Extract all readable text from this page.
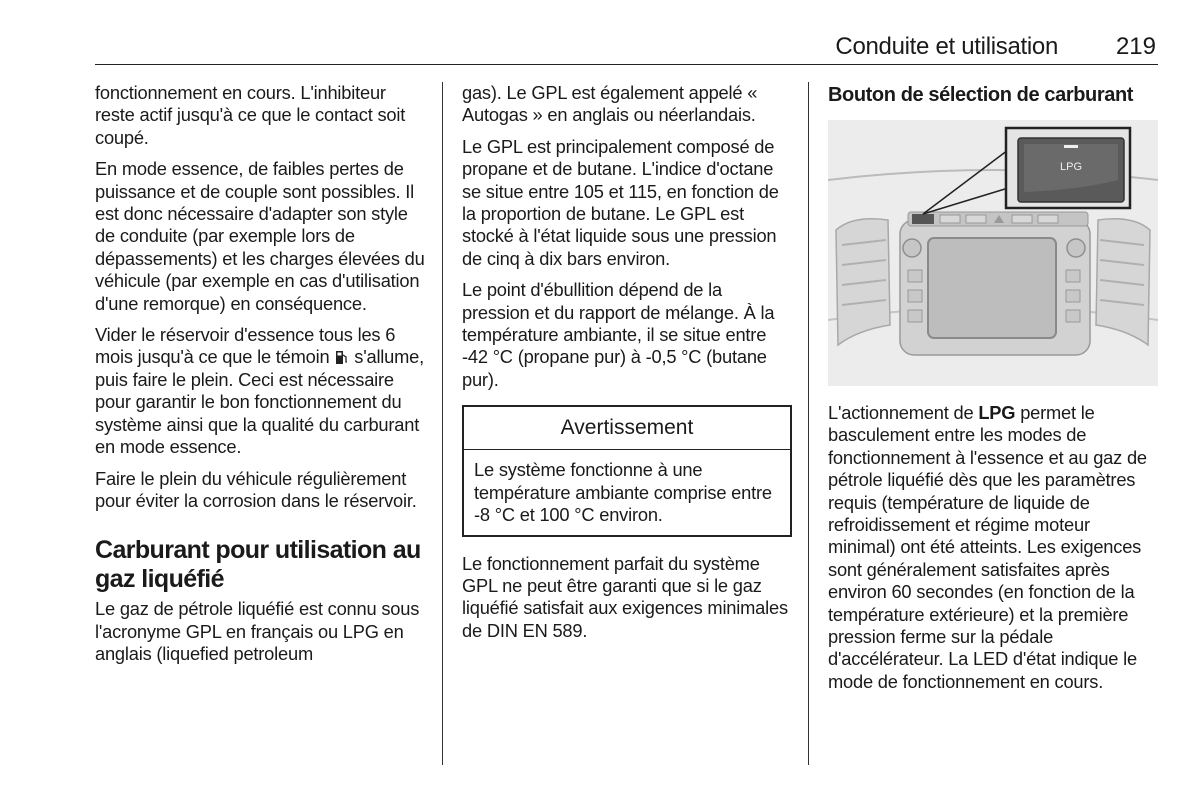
Conduite et utilisation 219

fonctionnement en cours. L'inhibiteur reste actif jusqu'à ce que le contact soit coupé.

En mode essence, de faibles pertes de puissance et de couple sont possibles. Il est donc nécessaire d'adapter son style de conduite (par exemple lors de dépassements) et les charges élevées du véhicule (par exemple en cas d'utilisation d'une remorque) en conséquence.

Vider le réservoir d'essence tous les 6 mois jusqu'à ce que le témoin s'allume, puis faire le plein. Ceci est nécessaire pour garantir le bon fonctionnement du système ainsi que la qualité du carburant en mode essence.

Faire le plein du véhicule régulièrement pour éviter la corrosion dans le réservoir.

Carburant pour utilisation au gaz liquéfié

Le gaz de pétrole liquéfié est connu sous l'acronyme GPL en français ou LPG en anglais (liquefied petroleum

gas). Le GPL est également appelé « Autogas » en anglais ou néerlandais.

Le GPL est principalement composé de propane et de butane. L'indice d'octane se situe entre 105 et 115, en fonction de la proportion de butane. Le GPL est stocké à l'état liquide sous une pression de cinq à dix bars environ.

Le point d'ébullition dépend de la pression et du rapport de mélange. À la température ambiante, il se situe entre -42 °C (propane pur) à -0,5 °C (butane pur).

Avertissement

Le système fonctionne à une température ambiante comprise entre -8 °C et 100 °C environ.

Le fonctionnement parfait du système GPL ne peut être garanti que si le gaz liquéfié satisfait aux exigences minimales de DIN EN 589.

Bouton de sélection de carburant
LPG

L'actionnement de LPG permet le basculement entre les modes de fonctionnement à l'essence et au gaz de pétrole liquéfié dès que les paramètres requis (température de liquide de refroidissement et régime moteur minimal) ont été atteints. Les exigences sont généralement satisfaites après environ 60 secondes (en fonction de la température extérieure) et la première pression ferme sur la pédale d'accélérateur. La LED d'état indique le mode de fonctionnement en cours.
